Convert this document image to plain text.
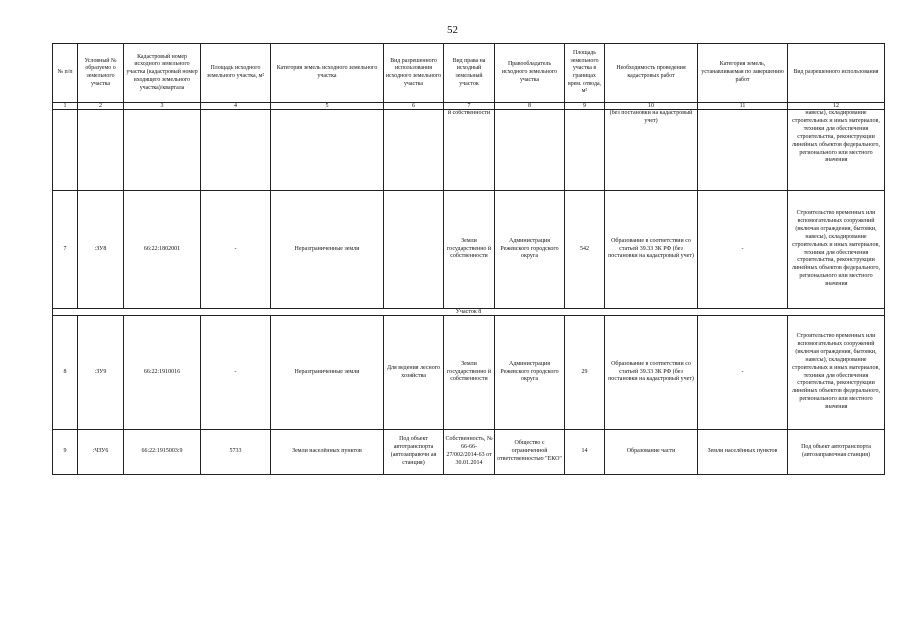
52
№ п/п	Условный № образуемо о земельного участка	Кадастровый номер исходного земельного участка (кадастровый номер входящего земельного участка)/квартала	Площадь исходного земельного участка, м²	Категория земель исходного земельного участка	Вид разрешенного использования исходного земельного участка	Вид права на исходный земельный участок	Правообладатель исходного земельного участка	Площадь земельного участка в границах врем. отвода, м²	Необходимость проведения кадастровых работ	Категория земель, устанавливаемая по завершению работ	Вид разрешенного использования
1	2	3	4	5	6	7	8	9	10	11	12
						й собственности			(без постановки на кадастровый учет)		навесы), складирование строительных и иных материалов, техники для обеспечения строительства, реконструкции линейных объектов федерального, регионального или местного значения
7	:ЗУ8	66:22:1802001	-	Неразграниченные земли		Земли государственно й собственности	Администрация Режевского городского округа	542	Образование в соответствии со статьей 39.33 ЗК РФ (без постановки на кадастровый учет)	-	Строительство временных или вспомогательных сооружений (включая ограждения, бытовки, навесы), складирование строительных и иных материалов, техники для обеспечения строительства, реконструкции линейных объектов федерального, регионального или местного значения
Участок 8											
8	:ЗУ9	66:22:1910016	-	Неразграниченные земли	Для ведения лесного хозяйства	Земли государственно й собственности	Администрация Режевского городского округа	29	Образование в соответствии со статьей 39.33 ЗК РФ (без постановки на кадастровый учет)	-	Строительство временных или вспомогательных сооружений (включая ограждения, бытовки, навесы), складирование строительных и иных материалов, техники для обеспечения строительства, реконструкции линейных объектов федерального, регионального или местного значения
9	:ЧЗУ6	66:22:1915003:9	5733	Земли населённых пунктов	Под объект автотранспорта (автозаправочн ая станция)	Собственность, № 66-66-27/002/2014-63 от 30.01.2014	Общество с ограниченной ответственностью "ЕКО"	14	Образование части	Земли населённых пунктов	Под объект автотранспорта (автозаправочная станция)
